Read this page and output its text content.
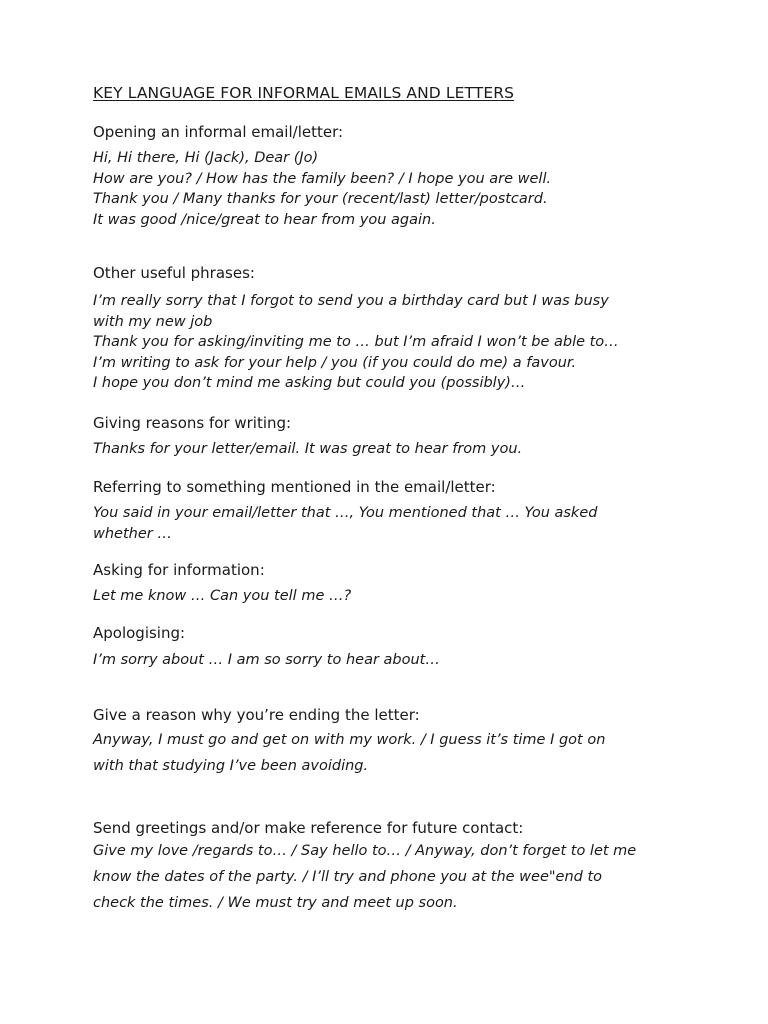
KEY LANGUAGE FOR INFORMAL EMAILS AND LETTERS
Opening an informal email/letter:
Hi, Hi there, Hi (Jack), Dear (Jo)
How are you? / How has the family been? / I hope you are well.
Thank you / Many thanks for your (recent/last) letter/postcard.
It was good /nice/great to hear from you again.
Other useful phrases:
I’m really sorry that I forgot to send you a birthday card but I was busy
with my new job
Thank you for asking/inviting me to … but I’m afraid I won’t be able to…
I’m writing to ask for your help / you (if you could do me) a favour.
I hope you don’t mind me asking but could you (possibly)…
Giving reasons for writing:
Thanks for your letter/email. It was great to hear from you.
Referring to something mentioned in the email/letter:
You said in your email/letter that …, You mentioned that … You asked
whether …
Asking for information:
Let me know … Can you tell me …?
Apologising:
I’m sorry about … I am so sorry to hear about…
Give a reason why you’re ending the letter:
Anyway, I must go and get on with my work. / I guess it’s time I got on
with that studying I’ve been avoiding.
Send greetings and/or make reference for future contact:
Give my love /regards to… / Say hello to… / Anyway, don’t forget to let me
know the dates of the party. / I’ll try and phone you at the wee"end to
check the times. / We must try and meet up soon.
